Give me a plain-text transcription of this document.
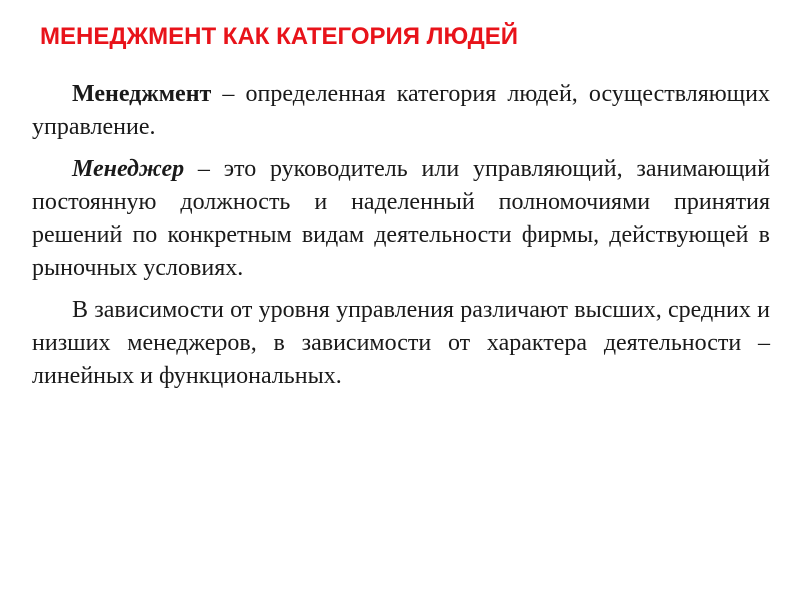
МЕНЕДЖМЕНТ КАК КАТЕГОРИЯ ЛЮДЕЙ

Менеджмент – определенная категория людей, осуществляющих управление.

Менеджер – это руководитель или управляющий, занимающий постоянную должность и наделенный полномочиями принятия решений по конкретным видам деятельности фирмы, действующей в рыночных условиях.

В зависимости от уровня управления различают высших, средних и низших менеджеров, в зависимости от характера деятельности – линейных и функциональных.
